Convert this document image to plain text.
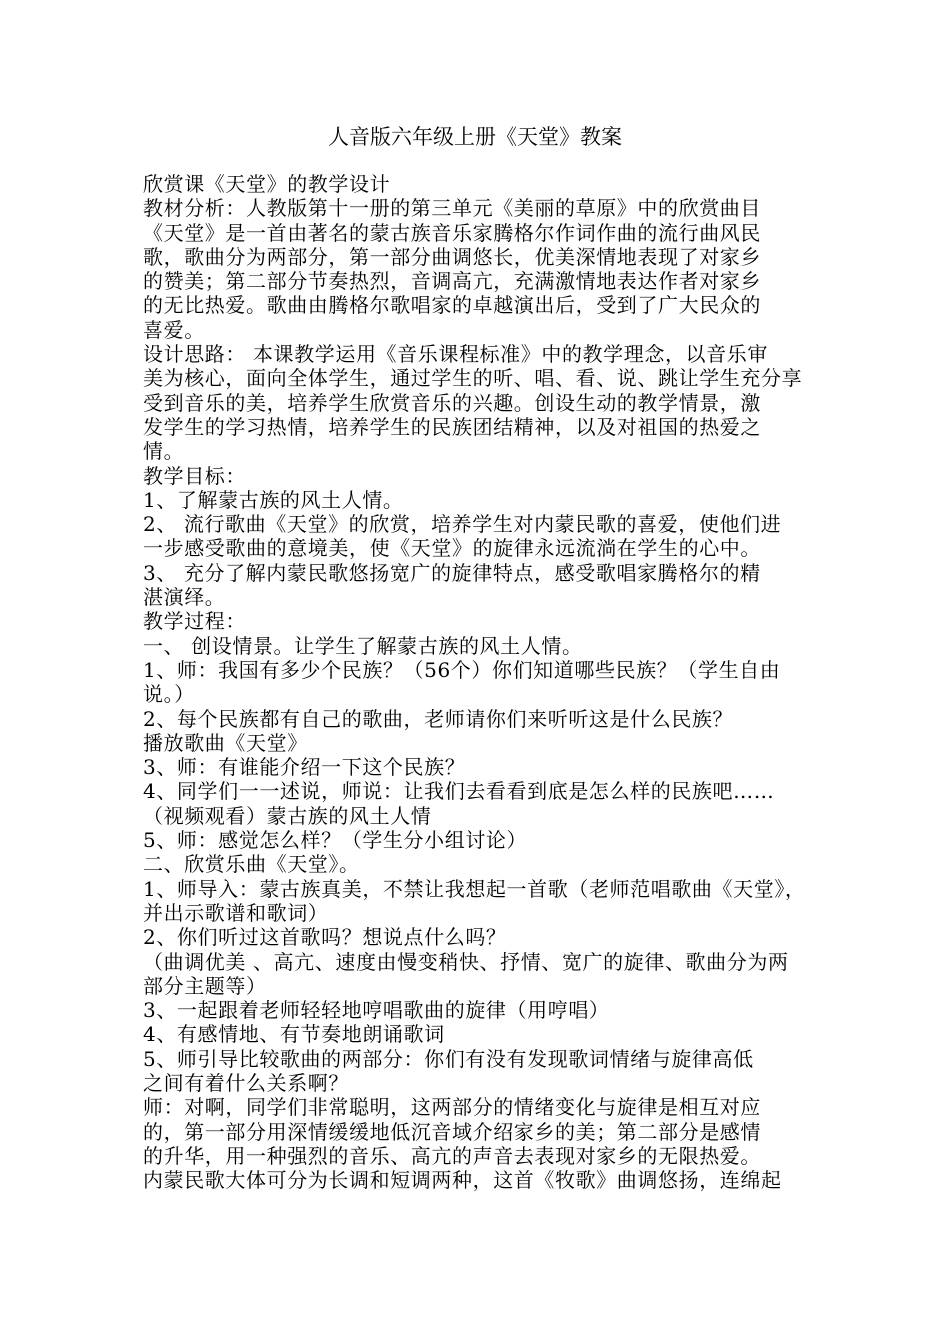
人音版六年级上册《天堂》教案
欣赏课《天堂》的教学设计
教材分析：人教版第十一册的第三单元《美丽的草原》中的欣赏曲目
《天堂》是一首由著名的蒙古族音乐家腾格尔作词作曲的流行曲风民
歌，歌曲分为两部分，第一部分曲调悠长，优美深情地表现了对家乡
的赞美；第二部分节奏热烈，音调高亢，充满激情地表达作者对家乡
的无比热爱。歌曲由腾格尔歌唱家的卓越演出后，受到了广大民众的
喜爱。
设计思路： 本课教学运用《音乐课程标准》中的教学理念，以音乐审
美为核心，面向全体学生，通过学生的听、唱、看、说、跳让学生充分享
受到音乐的美，培养学生欣赏音乐的兴趣。创设生动的教学情景，激
发学生的学习热情，培养学生的民族团结精神，以及对祖国的热爱之
情。
教学目标：
1、了解蒙古族的风土人情。
2、 流行歌曲《天堂》的欣赏，培养学生对内蒙民歌的喜爱，使他们进
一步感受歌曲的意境美，使《天堂》的旋律永远流淌在学生的心中。
3、 充分了解内蒙民歌悠扬宽广的旋律特点，感受歌唱家腾格尔的精
湛演绎。
教学过程：
一、 创设情景。让学生了解蒙古族的风土人情。
1、师：我国有多少个民族？（56个）你们知道哪些民族？（学生自由
说。）
2、每个民族都有自己的歌曲，老师请你们来听听这是什么民族？
播放歌曲《天堂》
3、师：有谁能介绍一下这个民族？
4、同学们一一述说，师说：让我们去看看到底是怎么样的民族吧……
（视频观看）蒙古族的风土人情
5、师：感觉怎么样？（学生分小组讨论）
二、欣赏乐曲《天堂》。
1、师导入：蒙古族真美，不禁让我想起一首歌（老师范唱歌曲《天堂》，
并出示歌谱和歌词）
2、你们听过这首歌吗？想说点什么吗？
（曲调优美 、高亢、速度由慢变稍快、抒情、宽广的旋律、歌曲分为两
部分主题等）
3、一起跟着老师轻轻地哼唱歌曲的旋律（用哼唱）
4、有感情地、有节奏地朗诵歌词
5、师引导比较歌曲的两部分：你们有没有发现歌词情绪与旋律高低
之间有着什么关系啊？
师：对啊，同学们非常聪明，这两部分的情绪变化与旋律是相互对应
的，第一部分用深情缓缓地低沉音域介绍家乡的美；第二部分是感情
的升华，用一种强烈的音乐、高亢的声音去表现对家乡的无限热爱。
内蒙民歌大体可分为长调和短调两种，这首《牧歌》曲调悠扬，连绵起
